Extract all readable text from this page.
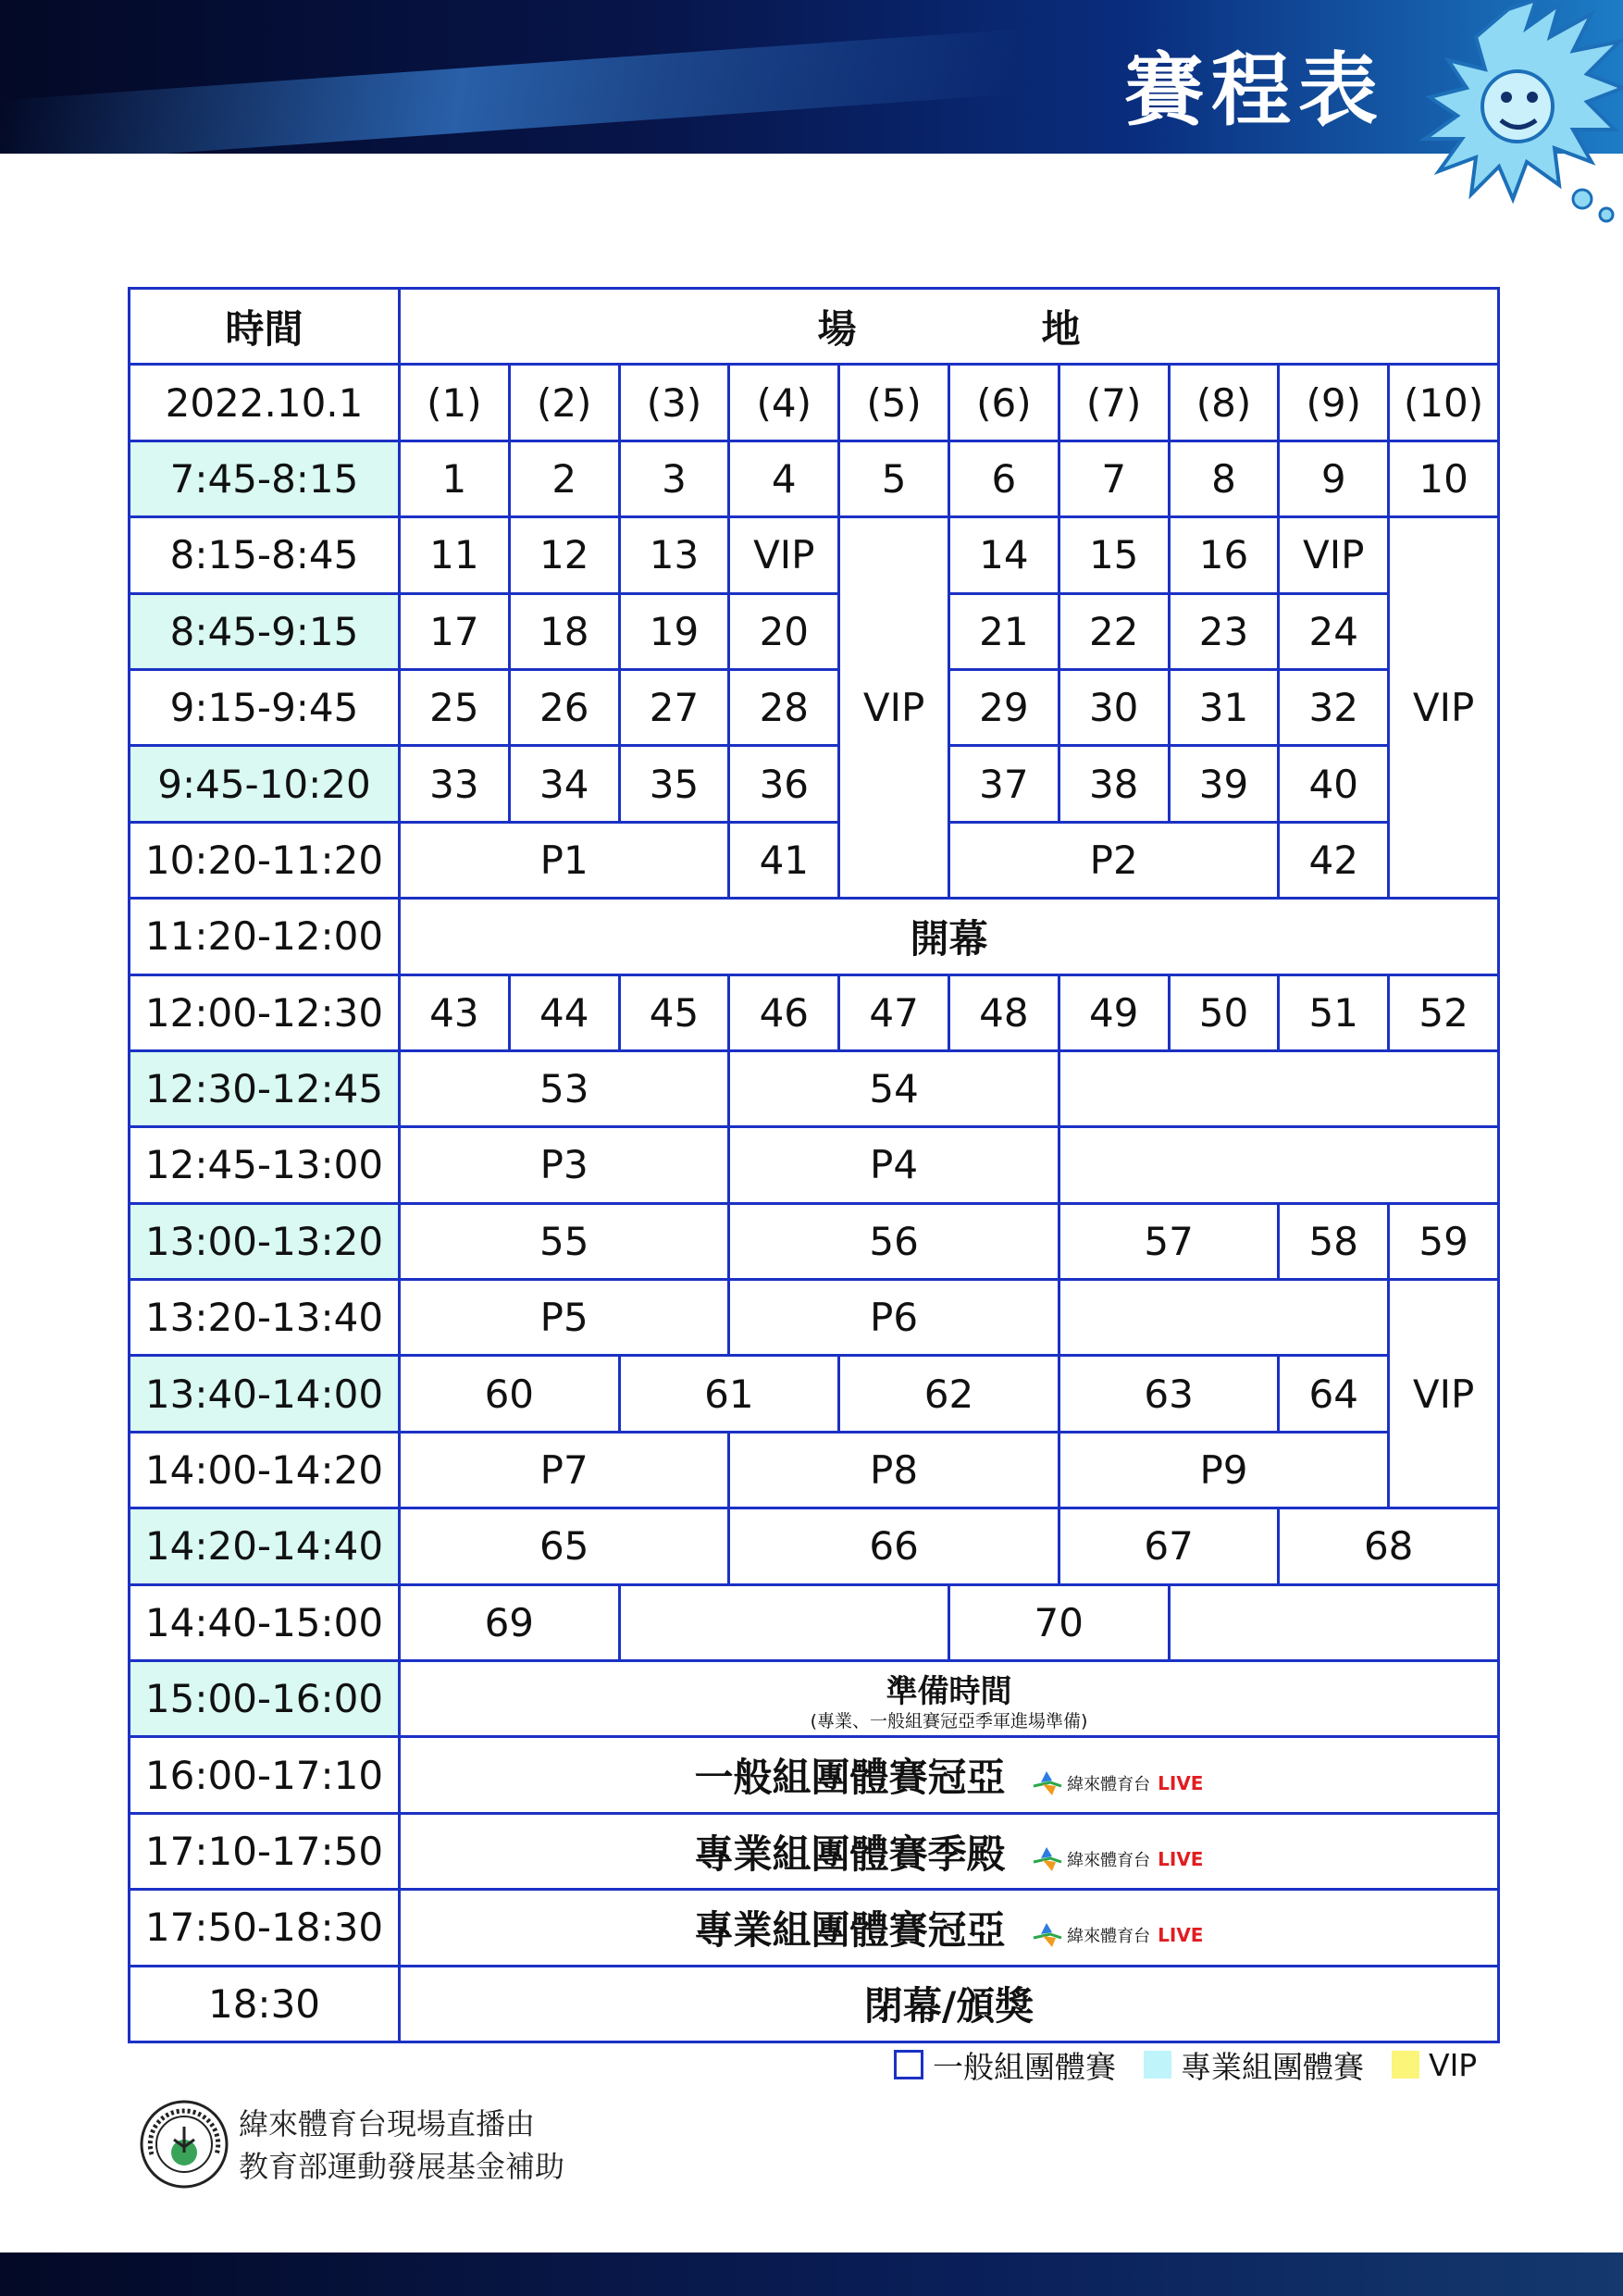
賽程表
時間	場 地									
2022.10.1	(1)	(2)	(3)	(4)	(5)	(6)	(7)	(8)	(9)	(10)
7:45-8:15	1	2	3	4	5	6	7	8	9	10
8:15-8:45	11	12	13	VIP	VIP	14	15	16	VIP	VIP
8:45-9:15	17	18	19	20		21	22	23	24	
9:15-9:45	25	26	27	28		29	30	31	32	
9:45-10:20	33	34	35	36		37	38	39	40	
10:20-11:20	P1			41		P2			42	
11:20-12:00	開幕									
12:00-12:30	43	44	45	46	47	48	49	50	51	52
12:30-12:45	53			54						
12:45-13:00	P3			P4						
13:00-13:20	55			56			57		58	59
13:20-13:40	P5			P6						VIP
13:40-14:00	60		61		62		63		64	
14:00-14:20	P7			P8			P9			
14:20-14:40	65			66			67		68	
14:40-15:00	69					70				
15:00-16:00	準備時間
(專業、一般組賽冠亞季軍進場準備)									

16:00-17:10	一般組團體賽冠亞 緯來體育台 LIVE									
17:10-17:50	專業組團體賽季殿 緯來體育台 LIVE									
17:50-18:30	專業組團體賽冠亞 緯來體育台 LIVE									
18:30	閉幕/頒獎									
一般組團體賽 專業組團體賽 VIP
緯來體育台現場直播由
教育部運動發展基金補助
